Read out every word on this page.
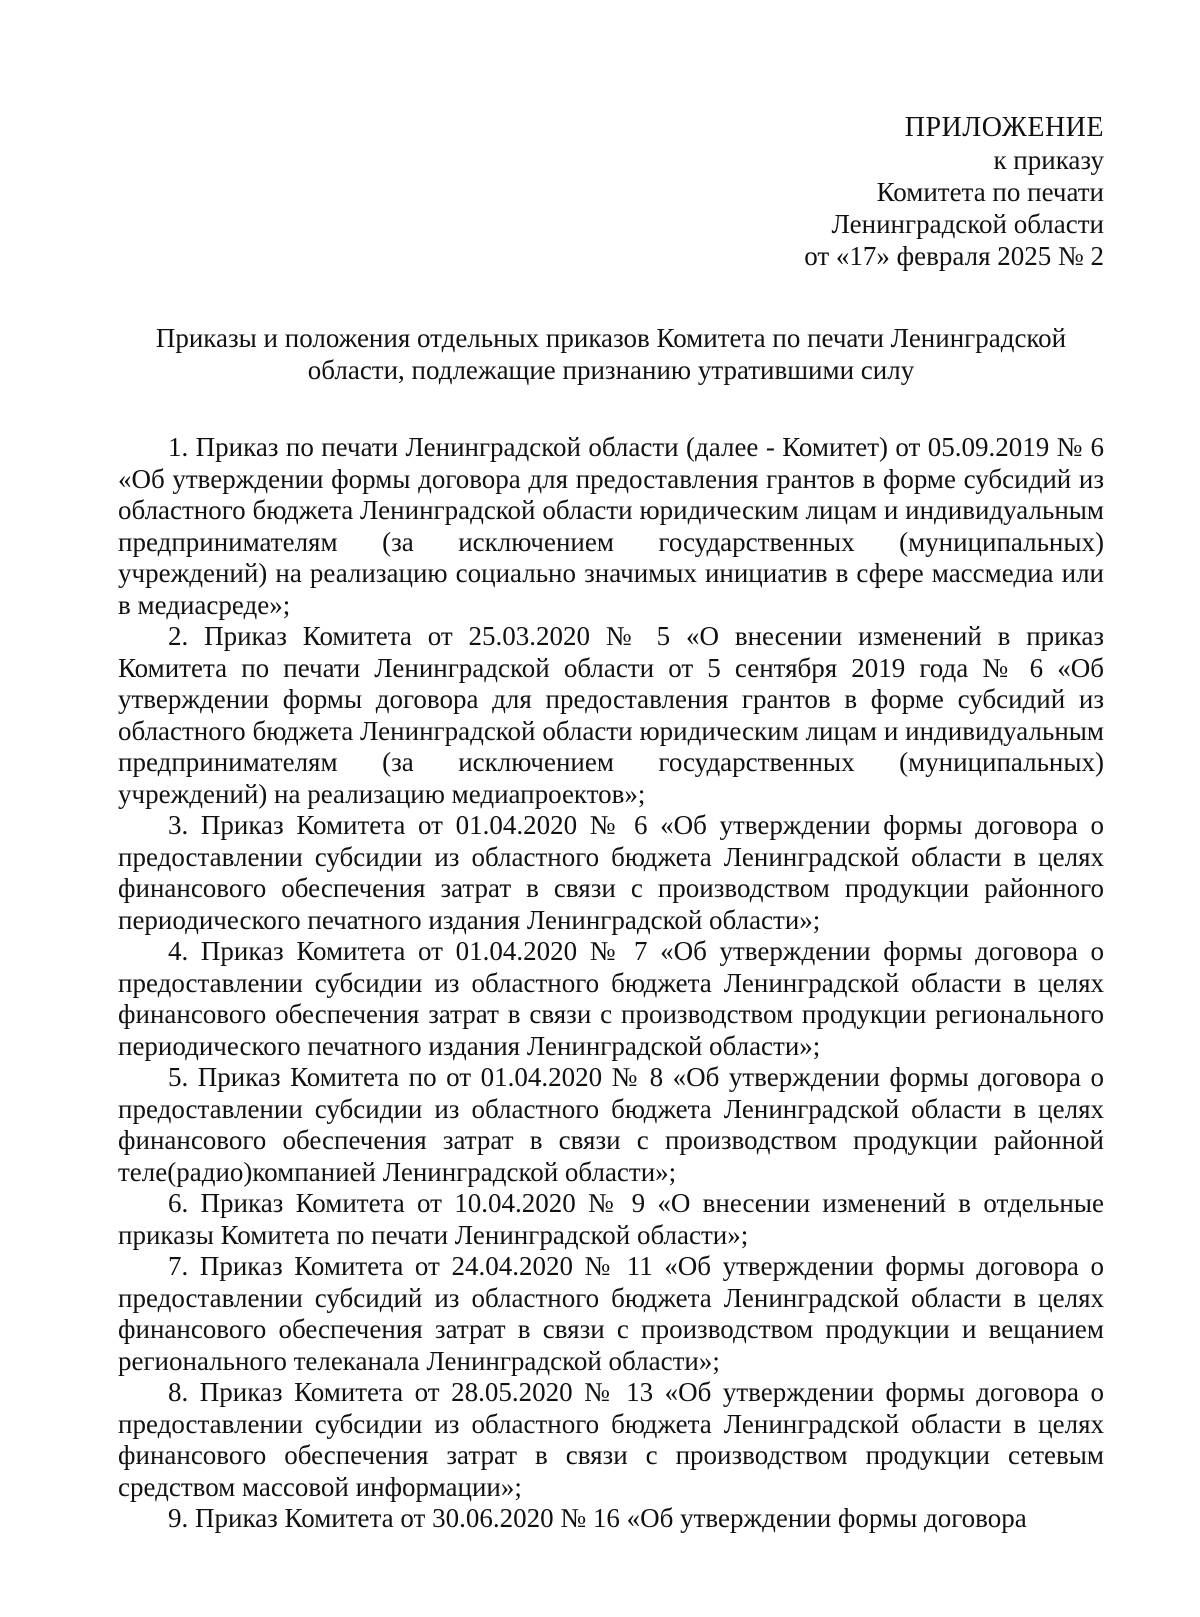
ПРИЛОЖЕНИЕ
к приказу
Комитета по печати
Ленинградской области
от «17» февраля 2025 № 2
Приказы и положения отдельных приказов Комитета по печати Ленинградской
области, подлежащие признанию утратившими силу

1. Приказ по печати Ленинградской области (далее - Комитет) от 05.09.2019 № 6 «Об утверждении формы договора для предоставления грантов в форме субсидий из областного бюджета Ленинградской области юридическим лицам и индивидуальным предпринимателям (за исключением государственных (муниципальных) учреждений) на реализацию социально значимых инициатив в сфере массмедиа или в медиасреде»;

2. Приказ Комитета от 25.03.2020 № 5 «О внесении изменений в приказ Комитета по печати Ленинградской области от 5 сентября 2019 года № 6 «Об утверждении формы договора для предоставления грантов в форме субсидий из областного бюджета Ленинградской области юридическим лицам и индивидуальным предпринимателям (за исключением государственных (муниципальных) учреждений) на реализацию медиапроектов»;

3. Приказ Комитета от 01.04.2020 № 6 «Об утверждении формы договора о предоставлении субсидии из областного бюджета Ленинградской области в целях финансового обеспечения затрат в связи с производством продукции районного периодического печатного издания Ленинградской области»;

4. Приказ Комитета от 01.04.2020 № 7 «Об утверждении формы договора о предоставлении субсидии из областного бюджета Ленинградской области в целях финансового обеспечения затрат в связи с производством продукции регионального периодического печатного издания Ленинградской области»;

5. Приказ Комитета по от 01.04.2020 № 8 «Об утверждении формы договора о предоставлении субсидии из областного бюджета Ленинградской области в целях финансового обеспечения затрат в связи с производством продукции районной теле(радио)компанией Ленинградской области»;

6. Приказ Комитета от 10.04.2020 № 9 «О внесении изменений в отдельные приказы Комитета по печати Ленинградской области»;

7. Приказ Комитета от 24.04.2020 № 11 «Об утверждении формы договора о предоставлении субсидий из областного бюджета Ленинградской области в целях финансового обеспечения затрат в связи с производством продукции и вещанием регионального телеканала Ленинградской области»;

8. Приказ Комитета от 28.05.2020 № 13 «Об утверждении формы договора о предоставлении субсидии из областного бюджета Ленинградской области в целях финансового обеспечения затрат в связи с производством продукции сетевым средством массовой информации»;

9. Приказ Комитета от 30.06.2020 № 16 «Об утверждении формы договора
